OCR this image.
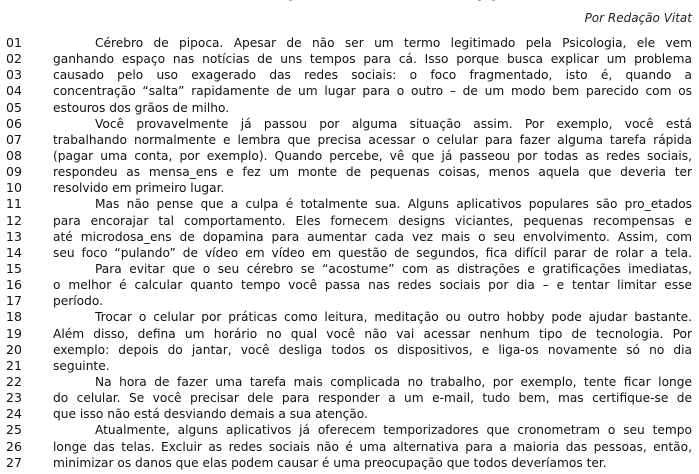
Por Redação Vitat
01	Cérebro de pipoca. Apesar de não ser um termo legitimado pela Psicologia, ele vem
02	ganhando espaço nas notícias de uns tempos para cá. Isso porque busca explicar um problema
03	causado pelo uso exagerado das redes sociais: o foco fragmentado, isto é, quando a
04	concentração “salta” rapidamente de um lugar para o outro – de um modo bem parecido com os
05	estouros dos grãos de milho.
06	Você provavelmente já passou por alguma situação assim. Por exemplo, você está
07	trabalhando normalmente e lembra que precisa acessar o celular para fazer alguma tarefa rápida
08	(pagar uma conta, por exemplo). Quando percebe, vê que já passeou por todas as redes sociais,
09	respondeu as mensa_ens e fez um monte de pequenas coisas, menos aquela que deveria ter
10	resolvido em primeiro lugar.
11	Mas não pense que a culpa é totalmente sua. Alguns aplicativos populares são pro_etados
12	para encorajar tal comportamento. Eles fornecem designs viciantes, pequenas recompensas e
13	até microdosa_ens de dopamina para aumentar cada vez mais o seu envolvimento. Assim, com
14	seu foco “pulando” de vídeo em vídeo em questão de segundos, fica difícil parar de rolar a tela.
15	Para evitar que o seu cérebro se “acostume” com as distrações e gratificações imediatas,
16	o melhor é calcular quanto tempo você passa nas redes sociais por dia – e tentar limitar esse
17	período.
18	Trocar o celular por práticas como leitura, meditação ou outro hobby pode ajudar bastante.
19	Além disso, defina um horário no qual você não vai acessar nenhum tipo de tecnologia. Por
20	exemplo: depois do jantar, você desliga todos os dispositivos, e liga-os novamente só no dia
21	seguinte.
22	Na hora de fazer uma tarefa mais complicada no trabalho, por exemplo, tente ficar longe
23	do celular. Se você precisar dele para responder a um e-mail, tudo bem, mas certifique-se de
24	que isso não está desviando demais a sua atenção.
25	Atualmente, alguns aplicativos já oferecem temporizadores que cronometram o seu tempo
26	longe das telas. Excluir as redes sociais não é uma alternativa para a maioria das pessoas, então,
27	minimizar os danos que elas podem causar é uma preocupação que todos deveríamos ter.
